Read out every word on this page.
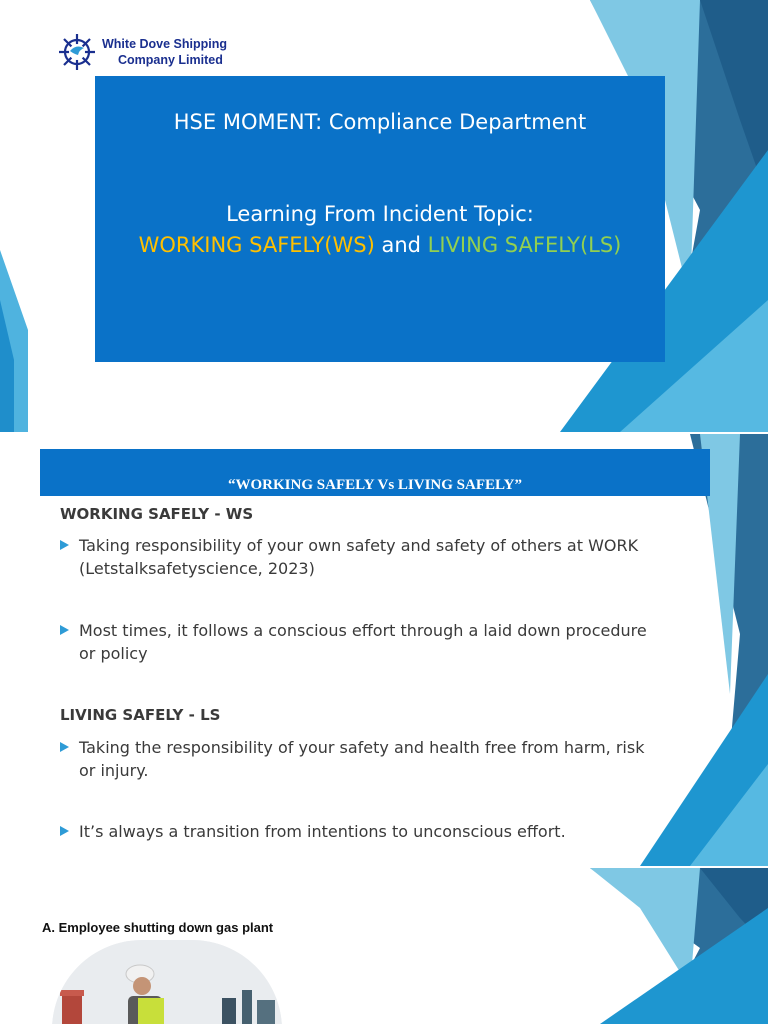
White Dove Shipping
Company Limited
HSE MOMENT: Compliance Department
Learning From Incident Topic:
WORKING SAFELY(WS) and LIVING SAFELY(LS)
“WORKING SAFELY Vs LIVING SAFELY”
WORKING SAFELY - WS
Taking responsibility of your own safety and safety of others at WORK
(Letstalksafetyscience, 2023)
Most times, it follows a conscious effort through a laid down procedure
or policy
LIVING SAFELY - LS
Taking the responsibility of your safety and health free from harm, risk
or injury.
It’s always a transition from intentions to unconscious effort.
A. Employee shutting down gas plant
